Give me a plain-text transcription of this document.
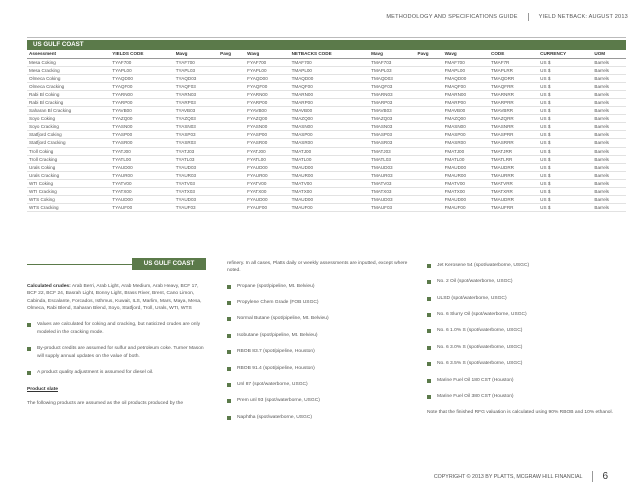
METHODOLOGY AND SPECIFICATIONS GUIDE	YIELD NETBACK: AUGUST 2013
US GULF COAST
Assessment	YIELDS CODE	Mavg	Pavg	Wavg	NETBACKS CODE	Mavg	Pavg	Wavg	CODE	CURRENCY	UOM
Mesa Coking	TYAF700	TYAF700		FYAF700	TMAF700	TMAF703		FMAF700	TMAF7R	US $	Barrels
Mesa Cracking	TYAPL00	TYAPL03		FYAPL00	TMAPL00	TMAPL03		FMAPL00	TMAPLRR	US $	Barrels
Olmeca Coking	TYAQD00	TYAQD03		FYAQD00	TMAQD00	TMAQD03		FMAQD00	TMAQDRR	US $	Barrels
Olmeca Cracking	TYAQF00	TYAQF03		FYAQF00	TMAQF00	TMAQF03		FMAQF00	TMAQFRR	US $	Barrels
Rabi Bl Coking	TYARN00	TYARN03		FYARN00	TMARN00	TMARN03		FMARN00	TMARNRR	US $	Barrels
Rabi Bl Cracking	TYARP00	TYARP03		FYARP00	TMARP00	TMARP03		FMARP00	TMARPRR	US $	Barrels
Saharan Bl Cracking	TYAVB00	TYAVB03		FYAVB00	TMAVB00	TMAVB03		FMAVB00	TMAVBRR	US $	Barrels
Soyo Coking	TYAZQ00	TYAZQ03		FYAZQ00	TMAZQ00	TMAZQ03		FMAZQ00	TMAZQRR	US $	Barrels
Soyo Cracking	TYASN00	TYASN03		FYASN00	TMASN00	TMASN03		FMASN00	TMASNRR	US $	Barrels
Statfjord Coking	TYASP00	TYASP03		FYASP00	TMASP00	TMASP03		FMASP00	TMASPRR	US $	Barrels
Statfjord Cracking	TYASR00	TYASR03		FYASR00	TMASR00	TMASR03		FMASR00	TMASRRR	US $	Barrels
Troll Coking	TYATJ00	TYATJ03		FYATJ00	TMATJ00	TMATJ03		FMATJ00	TMATJRR	US $	Barrels
Troll Cracking	TYATL00	TYATL03		FYATL00	TMATL00	TMATL03		FMATL00	TMATLRR	US $	Barrels
Urals Coking	TYAUD00	TYAUD03		FYAUD00	TMAUD00	TMAUD03		FMAUD00	TMAUDRR	US $	Barrels
Urals Cracking	TYAUR00	TYAUR03		FYAUR00	TMAUR00	TMAUR03		FMAUR00	TMAURRR	US $	Barrels
WTI Coking	TYATV00	TYATV03		FYATV00	TMATV00	TMATV03		FMATV00	TMATVRR	US $	Barrels
WTI Cracking	TYATX00	TYATX03		FYATX00	TMATX00	TMATX03		FMATX00	TMATXRR	US $	Barrels
WTS Coking	TYAUD00	TYAUD03		FYAUD00	TMAUD00	TMAUD03		FMAUD00	TMAUDRR	US $	Barrels
WTS Cracking	TYAUF00	TYAUF03		FYAUF00	TMAUF00	TMAUF03		FMAUF00	TMAUFRR	US $	Barrels
US GULF COAST
Calculated crudes: Arab Berri, Arab Light, Arab Medium, Arab Heavy, BCF 17, BCF 22, BCF 24, Basrah Light, Bonny Light, Brass River, Brent, Cano Limon, Cabinda, Escalante, Forcados, Isthmus, Kuwait, ILS, Marlim, Mars, Maya, Mesa, Olmeca, Rabi Blend, Saharan Blend, Soyo, Statfjord, Troll, Urals, WTI, WTS
Values are calculated for coking and cracking, but naticized crudes are only modeled in the cracking mode.
By-product credits are assumed for sulfur and petroleum coke. Turner Mason will supply annual updates on the value of both.
A product quality adjustment is assumed for diesel oil.
Product slate
The following products are assumed as the oil products produced by the
refinery. In all cases, Platts daily or weekly assessments are inputted, except where noted.
Propane (spot/pipeline, Mt. Belvieu)
Propylene Chem Grade (FOB USGC)
Normal Butane (spot/pipeline, Mt. Belvieu)
Isobutane (spot/pipeline, Mt. Belvieu)
RBOB 83.7 (spot/pipeline, Houston)
RBOB 91.4 (spot/pipeline, Houston)
Unl 87 (spot/waterborne, USGC)
Prem unl 93 (spot/waterborne, USGC)
Naphtha (spot/waterborne, USGC)
Jet Kerosene 54 (spot/waterborne, USGC)
No. 2 Oil (spot/waterborne, USGC)
ULSD (spot/waterborne, USGC)
No. 6 Slurry Oil (spot/waterborne, USGC)
No. 6 1.0% S (spot/waterborne, USGC)
No. 6 3.0% S (spot/waterborne, USGC)
No. 6 3.5% S (spot/waterborne, USGC)
Marine Fuel Oil 180 CST (Houston)
Marine Fuel Oil 380 CST (Houston)
Note that the finished RFG valuation is calculated using 90% RBOB and 10% ethanol.
COPYRIGHT © 2013 BY PLATTS, MCGRAW HILL FINANCIAL	6
